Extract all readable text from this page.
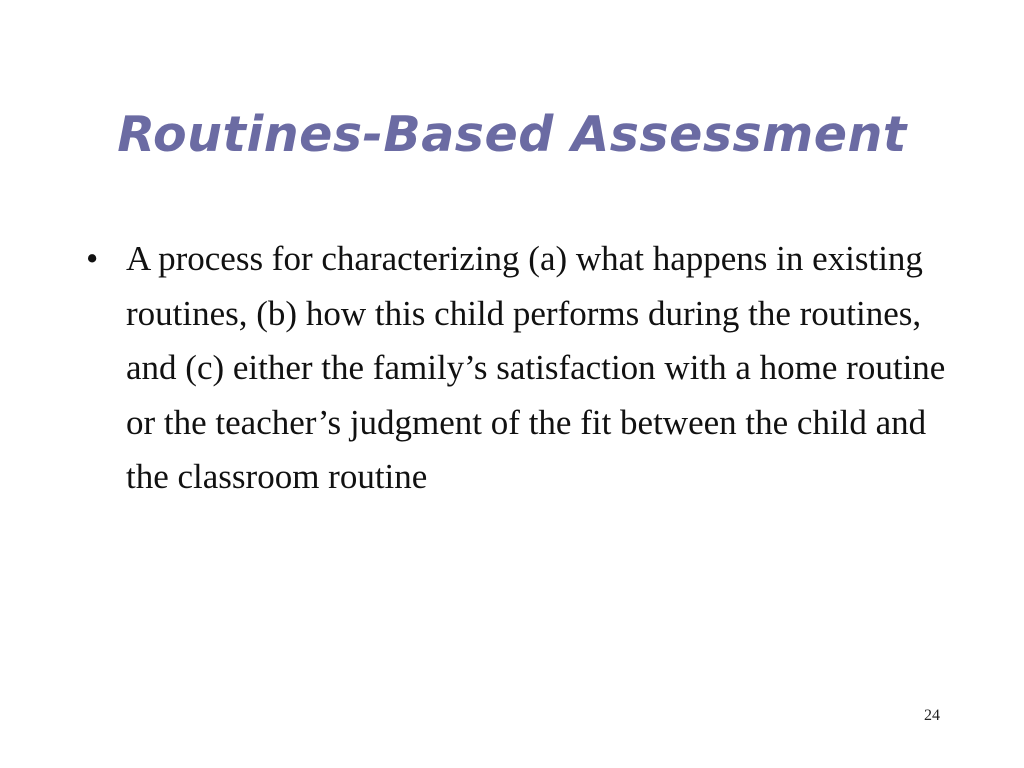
Routines-Based Assessment
• A process for characterizing (a) what happens in existing routines, (b) how this child performs during the routines, and (c) either the family’s satisfaction with a home routine or the teacher’s judgment of the fit between the child and the classroom routine
24
